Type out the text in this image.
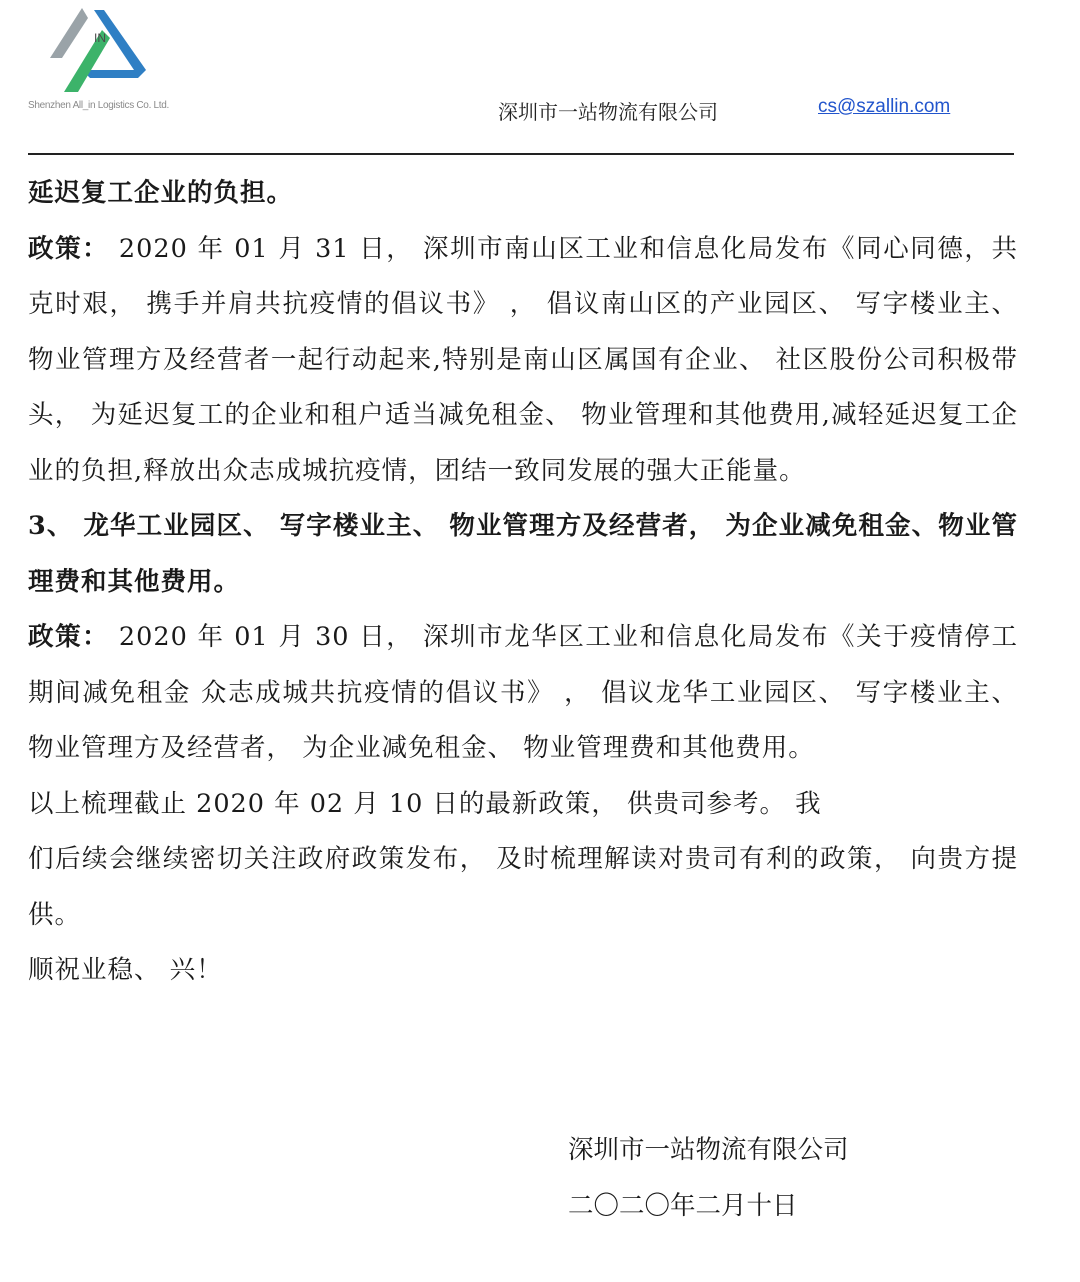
IN
Shenzhen All_in Logistics Co. Ltd.	深圳市一站物流有限公司	cs@szallin.com

延迟复工企业的负担。

政策： 2020 年 01 月 31 日， 深圳市南山区工业和信息化局发布《同心同德，共克时艰， 携手并肩共抗疫情的倡议书》 ， 倡议南山区的产业园区、 写字楼业主、 物业管理方及经营者一起行动起来,特别是南山区属国有企业、 社区股份公司积极带头， 为延迟复工的企业和租户适当减免租金、 物业管理和其他费用,减轻延迟复工企业的负担,释放出众志成城抗疫情，团结一致同发展的强大正能量。

3、 龙华工业园区、 写字楼业主、 物业管理方及经营者， 为企业减免租金、物业管理费和其他费用。

政策： 2020 年 01 月 30 日， 深圳市龙华区工业和信息化局发布《关于疫情停工期间减免租金 众志成城共抗疫情的倡议书》 ， 倡议龙华工业园区、 写字楼业主、 物业管理方及经营者， 为企业减免租金、 物业管理费和其他费用。

以上梳理截止 2020 年 02 月 10 日的最新政策， 供贵司参考。 我

们后续会继续密切关注政府政策发布， 及时梳理解读对贵司有利的政策， 向贵方提供。

顺祝业稳、 兴！

深圳市一站物流有限公司
二〇二〇年二月十日
